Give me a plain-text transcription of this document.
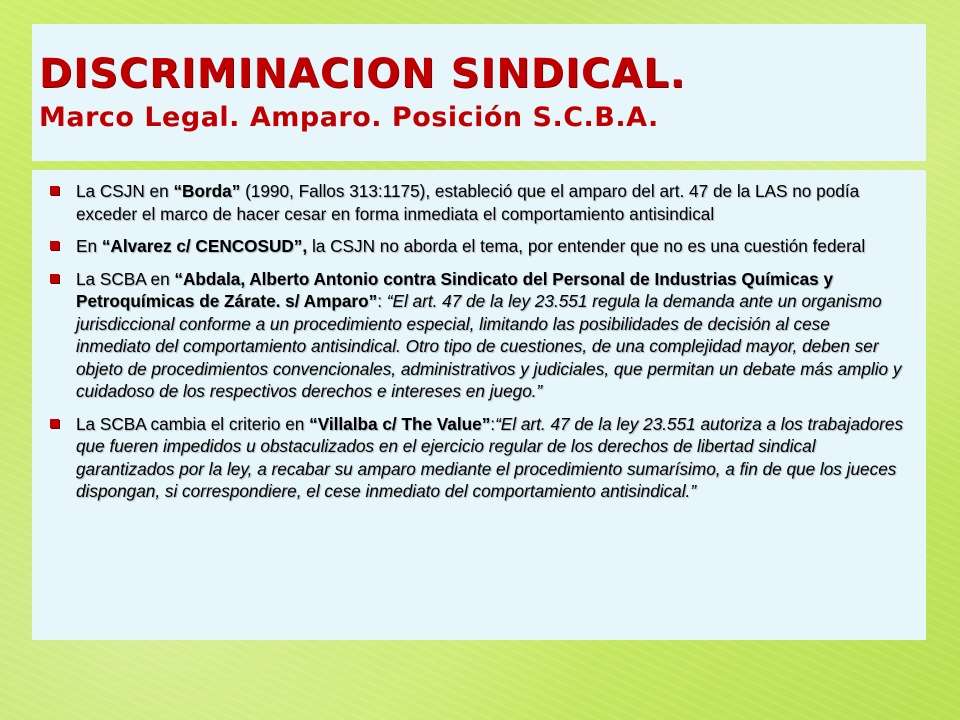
DISCRIMINACION SINDICAL.
Marco Legal. Amparo. Posición S.C.B.A.
La CSJN en “Borda” (1990, Fallos 313:1175), estableció que el amparo del art. 47 de la LAS no podía exceder el marco de hacer cesar en forma inmediata el comportamiento antisindical
En “Alvarez c/ CENCOSUD”, la CSJN no aborda el tema, por entender que no es una cuestión federal
La SCBA en “Abdala, Alberto Antonio contra Sindicato del Personal de Industrias Químicas y Petroquímicas de Zárate. s/ Amparo”: “El art. 47 de la ley 23.551 regula la demanda ante un organismo jurisdiccional conforme a un procedimiento especial, limitando las posibilidades de decisión al cese inmediato del comportamiento antisindical. Otro tipo de cuestiones, de una complejidad mayor, deben ser objeto de procedimientos convencionales, administrativos y judiciales, que permitan un debate más amplio y cuidadoso de los respectivos derechos e intereses en juego.”
La SCBA cambia el criterio en “Villalba c/ The Value”:“El art. 47 de la ley 23.551 autoriza a los trabajadores que fueren impedidos u obstaculizados en el ejercicio regular de los derechos de libertad sindical garantizados por la ley, a recabar su amparo mediante el procedimiento sumarísimo, a fin de que los jueces dispongan, si correspondiere, el cese inmediato del comportamiento antisindical.”
